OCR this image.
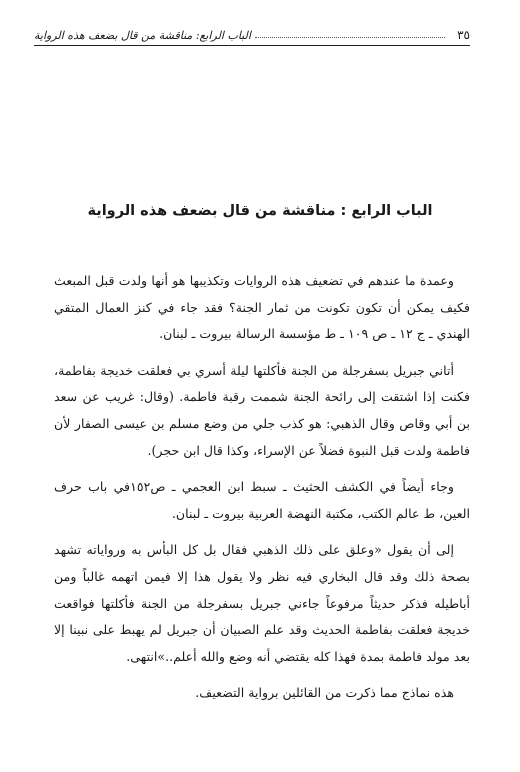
٣٥
الباب الرابع: مناقشة من قال بضعف هذه الرواية
الباب الرابع : مناقشة من قال بضعف هذه الرواية

وعمدة ما عندهم في تضعيف هذه الروايات وتكذيبها هو أنها ولدت قبل المبعث فكيف يمكن أن تكون تكونت من ثمار الجنة؟ فقد جاء في كنز العمال المتقي الهندي ـ ج ١٢ ـ ص ١٠٩ ـ ط مؤسسة الرسالة بيروت ـ لبنان.

أتاني جبريل بسفرجلة من الجنة فأكلتها ليلة أسري بي فعلقت خديجة بفاطمة، فكنت إذا اشتقت إلى رائحة الجنة شممت رقبة فاطمة. (وقال: غريب عن سعد بن أبي وقاص وقال الذهبي: هو كذب جلي من وضع مسلم بن عيسى الصفار لأن فاطمة ولدت قبل النبوة فضلاً عن الإسراء، وكذا قال ابن حجر).

وجاء أيضاً في الكشف الحثيث ـ سبط ابن العجمي ـ ص١٥٢في باب حرف العين، ط عالم الكتب، مكتبة النهضة العربية بيروت ـ لبنان.

إلى أن يقول «وعلق على ذلك الذهبي فقال بل كل البأس به ورواياته تشهد بصحة ذلك وقد قال البخاري فيه نظر ولا يقول هذا إلا فيمن اتهمه غالباً ومن أباطيله فذكر حديثاً مرفوعاً جاءني جبريل بسفرجلة من الجنة فأكلتها فواقعت خديجة فعلقت بفاطمة الحديث وقد علم الصبيان أن جبريل لم يهبط على نبينا إلا بعد مولد فاطمة بمدة فهذا كله يقتضي أنه وضع والله أعلم..»انتهى.

هذه نماذج مما ذكرت من القائلين برواية التضعيف.
